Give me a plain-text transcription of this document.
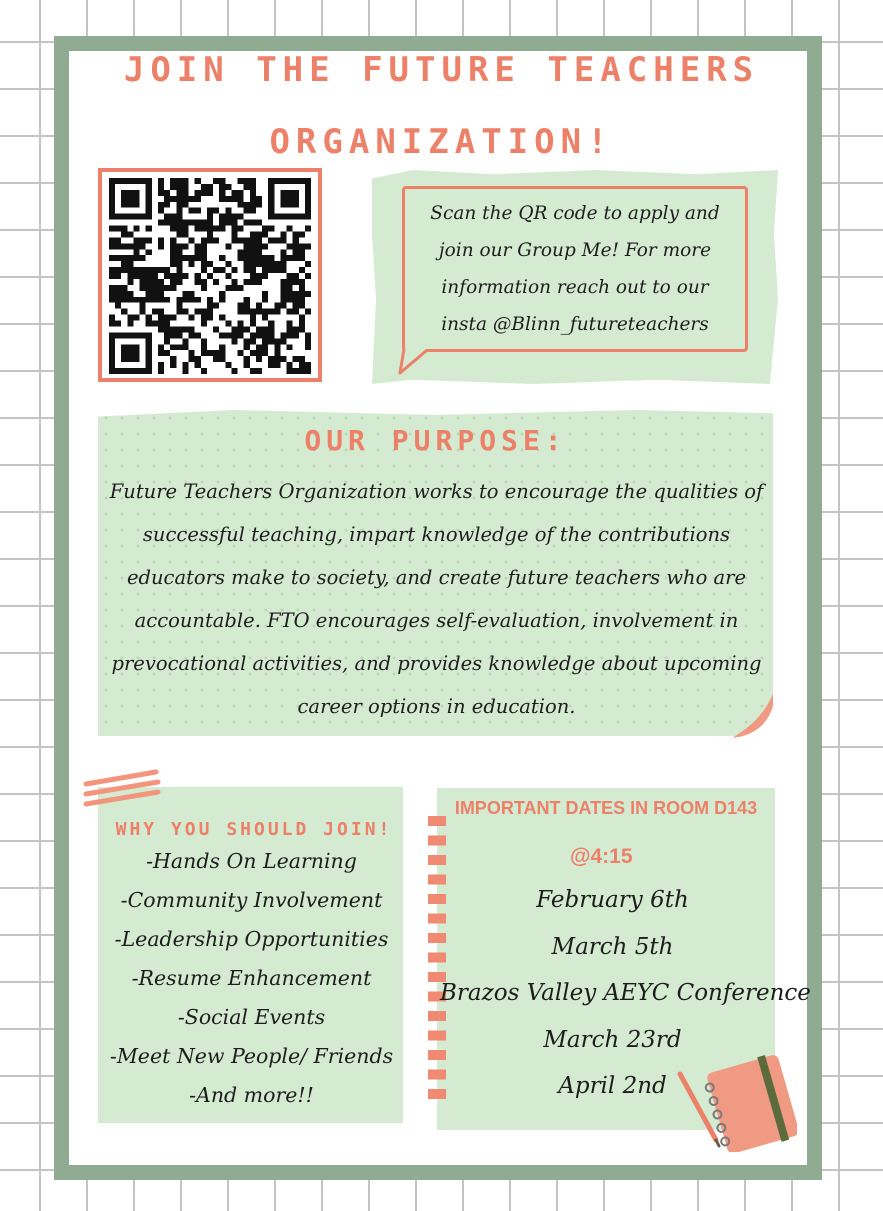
JOIN THE FUTURE TEACHERS
ORGANIZATION!
Scan the QR code to apply and join our Group Me! For more information reach out to our insta @Blinn_futureteachers
OUR PURPOSE:

Future Teachers Organization works to encourage the qualities of successful teaching, impart knowledge of the contributions educators make to society, and create future teachers who are accountable. FTO encourages self-evaluation, involvement in prevocational activities, and provides knowledge about upcoming career options in education.

WHY YOU SHOULD JOIN!
-Hands On Learning
-Community Involvement
-Leadership Opportunities
-Resume Enhancement
-Social Events
-Meet New People/ Friends
-And more!!
IMPORTANT DATES IN ROOM D143

@4:15

February 6th
March 5th
Brazos Valley AEYC Conference
March 23rd
April 2nd
